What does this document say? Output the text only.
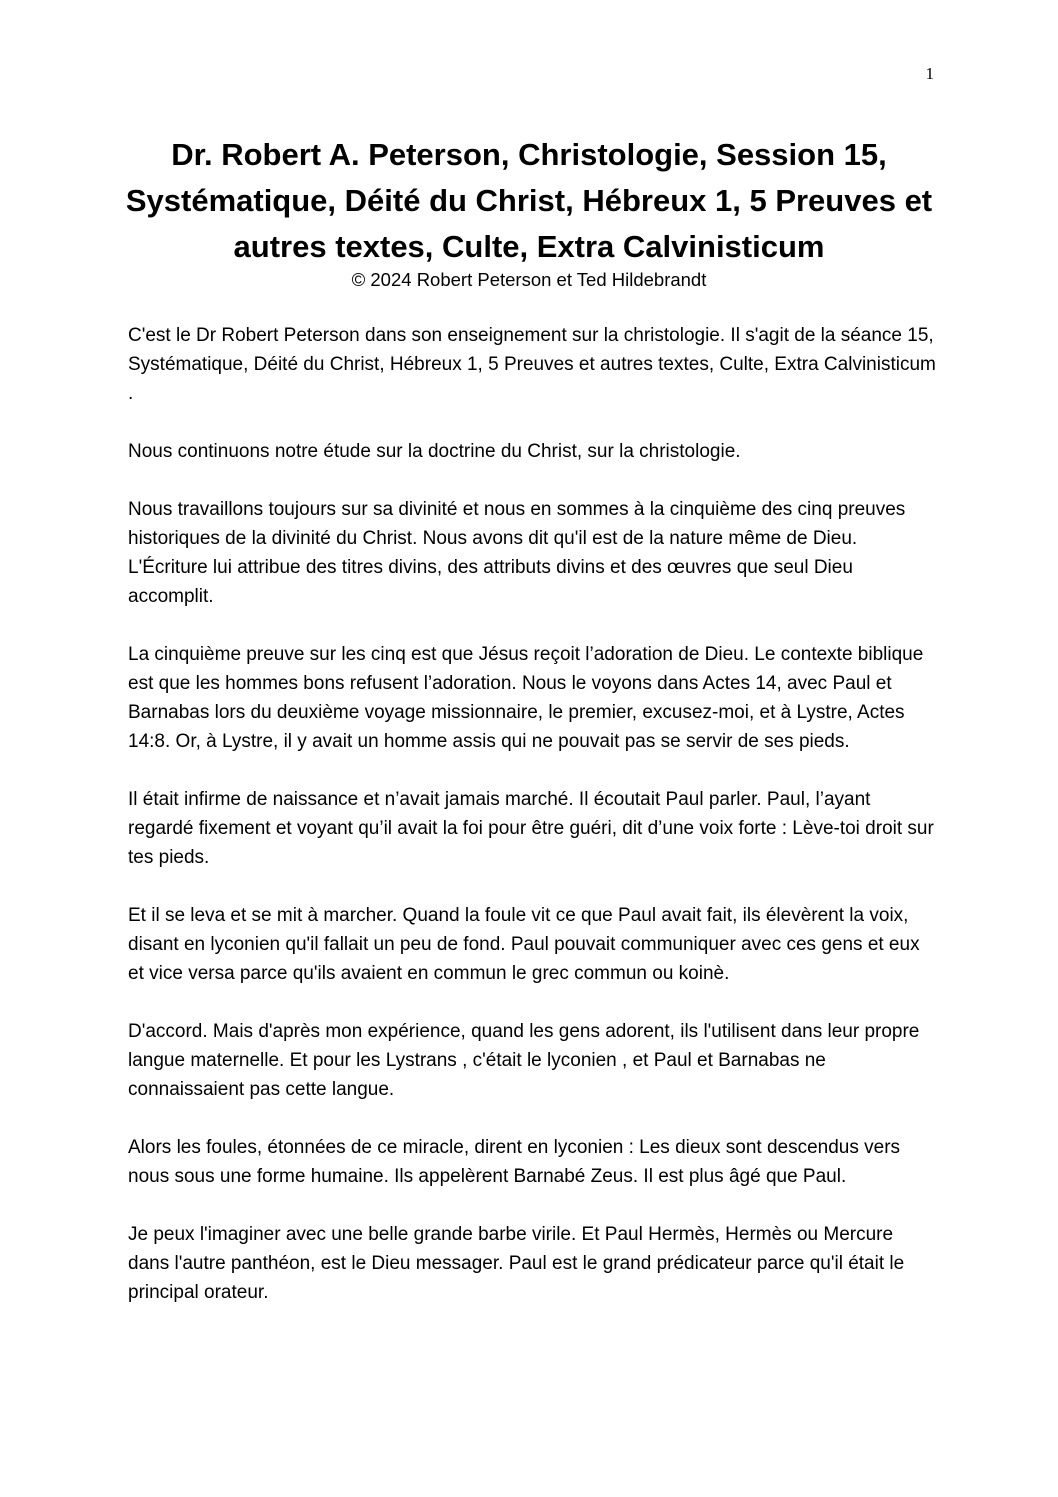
1
Dr. Robert A. Peterson, Christologie, Session 15, Systématique, Déité du Christ, Hébreux 1, 5 Preuves et autres textes, Culte, Extra Calvinisticum
© 2024 Robert Peterson et Ted Hildebrandt

C'est le Dr Robert Peterson dans son enseignement sur la christologie. Il s'agit de la séance 15, Systématique, Déité du Christ, Hébreux 1, 5 Preuves et autres textes, Culte, Extra Calvinisticum .

Nous continuons notre étude sur la doctrine du Christ, sur la christologie.

Nous travaillons toujours sur sa divinité et nous en sommes à la cinquième des cinq preuves historiques de la divinité du Christ. Nous avons dit qu'il est de la nature même de Dieu. L'Écriture lui attribue des titres divins, des attributs divins et des œuvres que seul Dieu accomplit.

La cinquième preuve sur les cinq est que Jésus reçoit l’adoration de Dieu. Le contexte biblique est que les hommes bons refusent l’adoration. Nous le voyons dans Actes 14, avec Paul et Barnabas lors du deuxième voyage missionnaire, le premier, excusez-moi, et à Lystre, Actes 14:8. Or, à Lystre, il y avait un homme assis qui ne pouvait pas se servir de ses pieds.

Il était infirme de naissance et n’avait jamais marché. Il écoutait Paul parler. Paul, l’ayant regardé fixement et voyant qu’il avait la foi pour être guéri, dit d’une voix forte : Lève-toi droit sur tes pieds.

Et il se leva et se mit à marcher. Quand la foule vit ce que Paul avait fait, ils élevèrent la voix, disant en lyconien qu'il fallait un peu de fond. Paul pouvait communiquer avec ces gens et eux et vice versa parce qu'ils avaient en commun le grec commun ou koinè.

D'accord. Mais d'après mon expérience, quand les gens adorent, ils l'utilisent dans leur propre langue maternelle. Et pour les Lystrans , c'était le lyconien , et Paul et Barnabas ne connaissaient pas cette langue.

Alors les foules, étonnées de ce miracle, dirent en lyconien : Les dieux sont descendus vers nous sous une forme humaine. Ils appelèrent Barnabé Zeus. Il est plus âgé que Paul.

Je peux l'imaginer avec une belle grande barbe virile. Et Paul Hermès, Hermès ou Mercure dans l'autre panthéon, est le Dieu messager. Paul est le grand prédicateur parce qu'il était le principal orateur.
